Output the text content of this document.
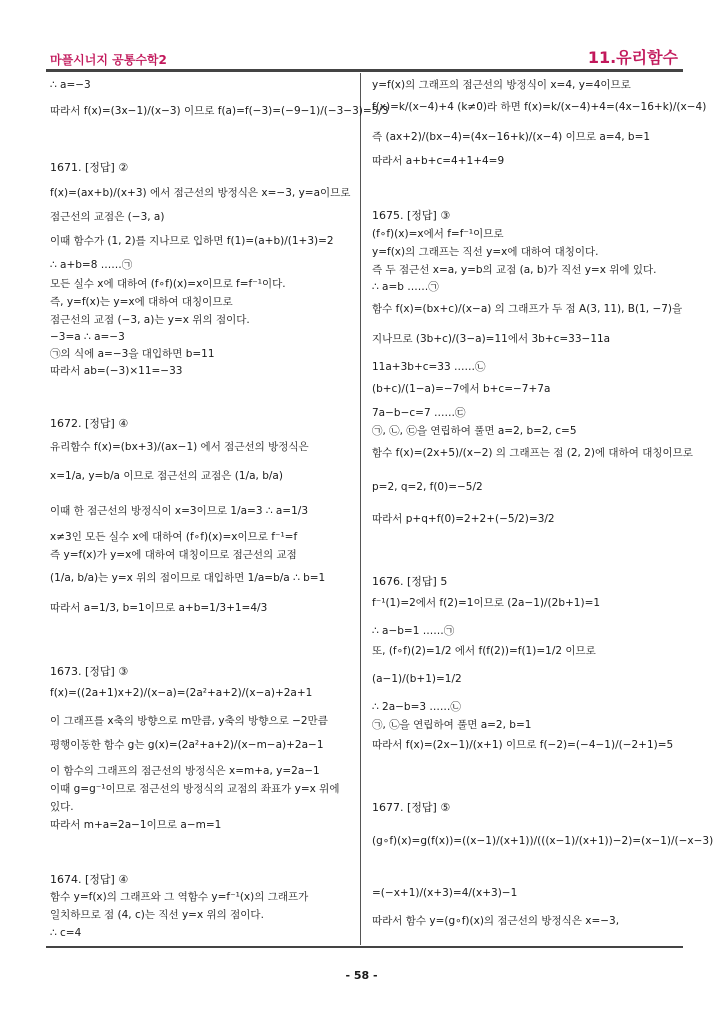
마플시너지 공통수학2	11.유리함수
∴ a=−3
따라서 f(x)=(3x−1)/(x−3) 이므로 f(a)=f(−3)=(−9−1)/(−3−3)=5/3
1671. [정답] ②
f(x)=(ax+b)/(x+3) 에서 점근선의 방정식은 x=−3, y=a이므로
점근선의 교점은 (−3, a)
이때 함수가 (1, 2)를 지나므로 입하면 f(1)=(a+b)/(1+3)=2
∴ a+b=8 ……㉠
모든 실수 x에 대하여 (f∘f)(x)=x이므로 f=f⁻¹이다.
즉, y=f(x)는 y=x에 대하여 대칭이므로
점근선의 교점 (−3, a)는 y=x 위의 점이다.
−3=a ∴ a=−3
㉠의 식에 a=−3을 대입하면 b=11
따라서 ab=(−3)×11=−33
1672. [정답] ④
유리함수 f(x)=(bx+3)/(ax−1) 에서 점근선의 방정식은
x=1/a, y=b/a 이므로 점근선의 교점은 (1/a, b/a)
이때 한 점근선의 방정식이 x=3이므로 1/a=3 ∴ a=1/3
x≠3인 모든 실수 x에 대하여 (f∘f)(x)=x이므로 f⁻¹=f
즉 y=f(x)가 y=x에 대하여 대칭이므로 점근선의 교점
(1/a, b/a)는 y=x 위의 점이므로 대입하면 1/a=b/a ∴ b=1
따라서 a=1/3, b=1이므로 a+b=1/3+1=4/3
1673. [정답] ③
f(x)=((2a+1)x+2)/(x−a)=(2a²+a+2)/(x−a)+2a+1
이 그래프를 x축의 방향으로 m만큼, y축의 방향으로 −2만큼
평행이동한 함수 g는 g(x)=(2a²+a+2)/(x−m−a)+2a−1
이 함수의 그래프의 점근선의 방정식은 x=m+a, y=2a−1
이때 g=g⁻¹이므로 점근선의 방정식의 교점의 좌표가 y=x 위에
있다.
따라서 m+a=2a−1이므로 a−m=1
1674. [정답] ④
함수 y=f(x)의 그래프와 그 역함수 y=f⁻¹(x)의 그래프가
일치하므로 점 (4, c)는 직선 y=x 위의 점이다.
∴ c=4
y=f(x)의 그래프의 점근선의 방정식이 x=4, y=4이므로
f(x)=k/(x−4)+4 (k≠0)라 하면 f(x)=k/(x−4)+4=(4x−16+k)/(x−4)
즉 (ax+2)/(bx−4)=(4x−16+k)/(x−4) 이므로 a=4, b=1
따라서 a+b+c=4+1+4=9
1675. [정답] ③
(f∘f)(x)=x에서 f=f⁻¹이므로
y=f(x)의 그래프는 직선 y=x에 대하여 대칭이다.
즉 두 점근선 x=a, y=b의 교점 (a, b)가 직선 y=x 위에 있다.
∴ a=b ……㉠
함수 f(x)=(bx+c)/(x−a) 의 그래프가 두 점 A(3, 11), B(1, −7)을
지나므로 (3b+c)/(3−a)=11에서 3b+c=33−11a
11a+3b+c=33 ……㉡
(b+c)/(1−a)=−7에서 b+c=−7+7a
7a−b−c=7 ……㉢
㉠, ㉡, ㉢을 연립하여 풀면 a=2, b=2, c=5
함수 f(x)=(2x+5)/(x−2) 의 그래프는 점 (2, 2)에 대하여 대칭이므로
p=2, q=2, f(0)=−5/2
따라서 p+q+f(0)=2+2+(−5/2)=3/2
1676. [정답] 5
f⁻¹(1)=2에서 f(2)=1이므로 (2a−1)/(2b+1)=1
∴ a−b=1 ……㉠
또, (f∘f)(2)=1/2 에서 f(f(2))=f(1)=1/2 이므로
(a−1)/(b+1)=1/2
∴ 2a−b=3 ……㉡
㉠, ㉡을 연립하여 풀면 a=2, b=1
따라서 f(x)=(2x−1)/(x+1) 이므로 f(−2)=(−4−1)/(−2+1)=5
1677. [정답] ⑤
(g∘f)(x)=g(f(x))=((x−1)/(x+1))/(((x−1)/(x+1))−2)=(x−1)/(−x−3)
=(−x+1)/(x+3)=4/(x+3)−1
따라서 함수 y=(g∘f)(x)의 점근선의 방정식은 x=−3,
- 58 -
